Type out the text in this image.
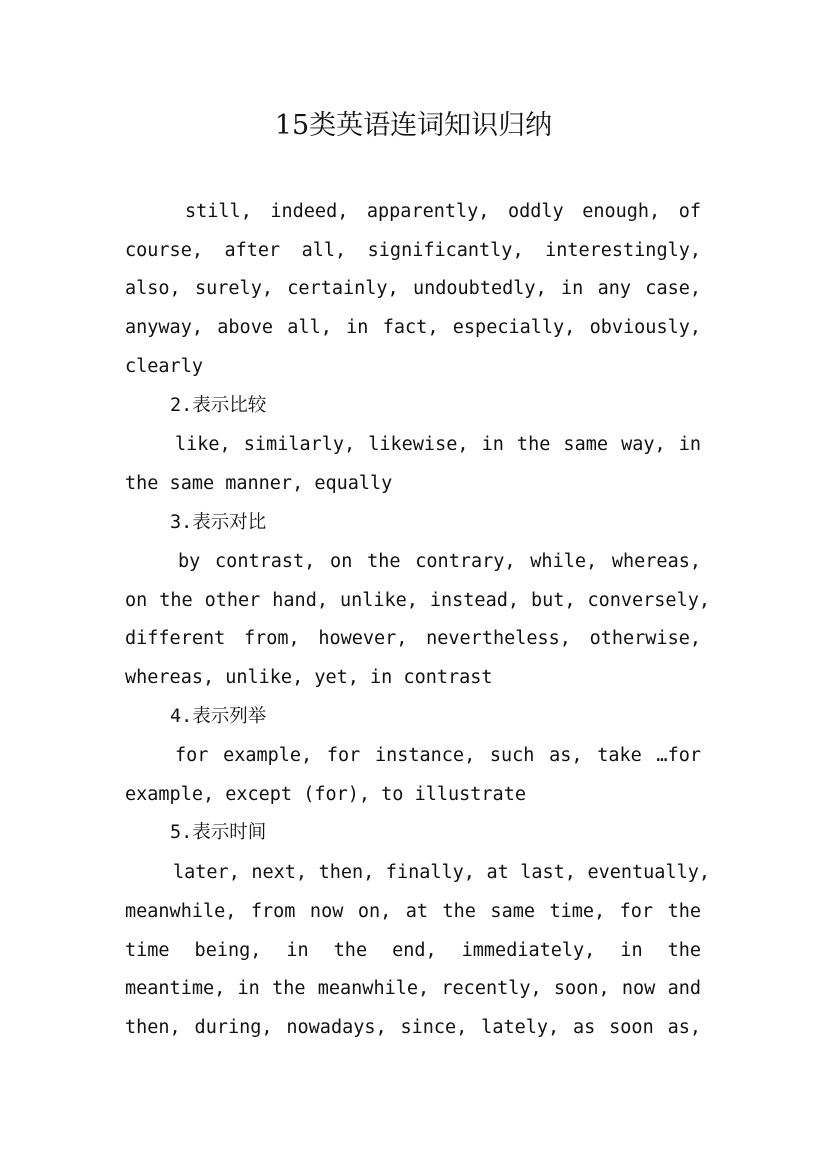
15类英语连词知识归纳
still, indeed, apparently, oddly enough, of
course, after all, significantly, interestingly,
also, surely, certainly, undoubtedly, in any case,
anyway, above all, in fact, especially, obviously,
clearly
2.表示比较
like, similarly, likewise, in the same way, in
the same manner, equally
3.表示对比
by contrast, on the contrary, while, whereas,
on the other hand, unlike, instead, but, conversely,
different from, however, nevertheless, otherwise,
whereas, unlike, yet, in contrast
4.表示列举
for example, for instance, such as, take …for
example, except (for), to illustrate
5.表示时间
later, next, then, finally, at last, eventually,
meanwhile, from now on, at the same time, for the
time being, in the end, immediately, in the
meantime, in the meanwhile, recently, soon, now and
then, during, nowadays, since, lately, as soon as,
